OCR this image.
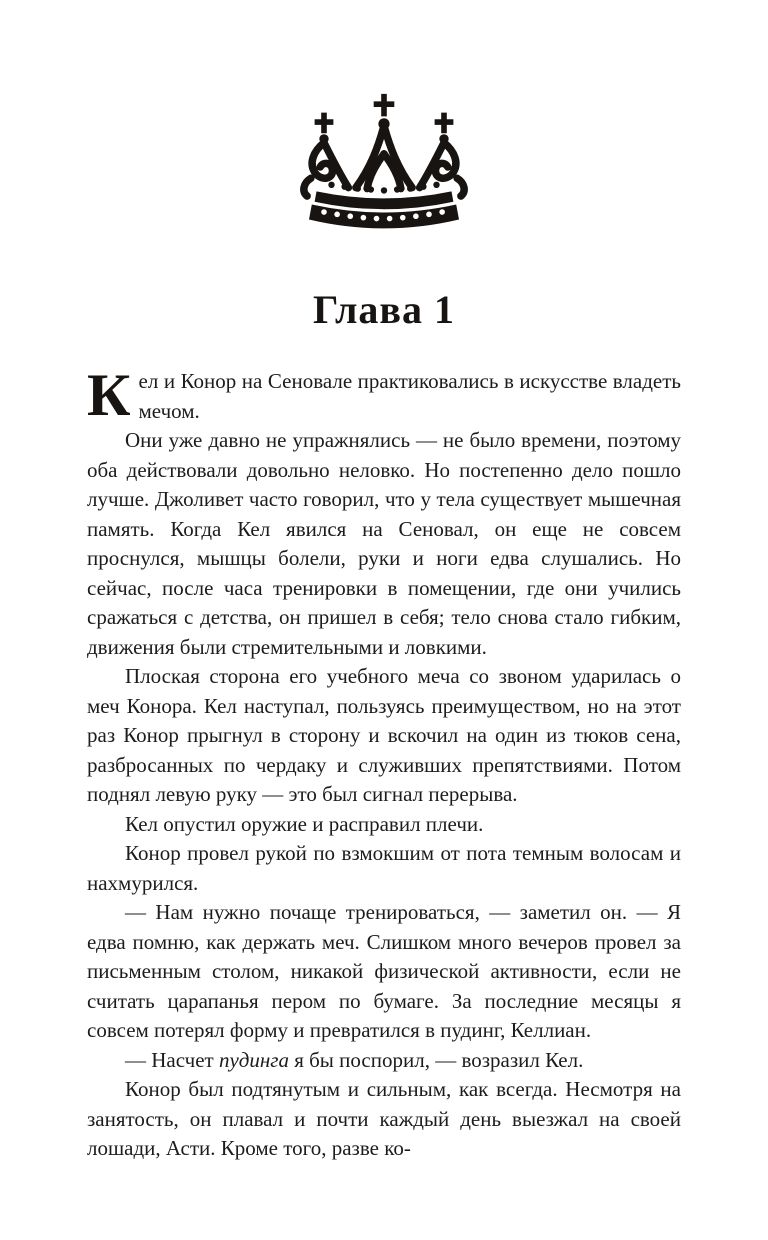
Глава 1

Кел и Конор на Сеновале практиковались в искусстве владеть мечом.

Они уже давно не упражнялись — не было времени, поэтому оба действовали довольно неловко. Но постепенно дело пошло лучше. Джоливет часто говорил, что у тела существует мышечная память. Когда Кел явился на Сеновал, он еще не совсем проснулся, мышцы болели, руки и ноги едва слушались. Но сейчас, после часа тренировки в помещении, где они учились сражаться с детства, он пришел в себя; тело снова стало гибким, движения были стремительными и ловкими.

Плоская сторона его учебного меча со звоном ударилась о меч Конора. Кел наступал, пользуясь преимуществом, но на этот раз Конор прыгнул в сторону и вскочил на один из тюков сена, разбросанных по чердаку и служивших препятствиями. Потом поднял левую руку — это был сигнал перерыва.

Кел опустил оружие и расправил плечи.

Конор провел рукой по взмокшим от пота темным волосам и нахмурился.

— Нам нужно почаще тренироваться, — заметил он. — Я едва помню, как держать меч. Слишком много вечеров провел за письменным столом, никакой физической активности, если не считать царапанья пером по бумаге. За последние месяцы я совсем потерял форму и превратился в пудинг, Келлиан.

— Насчет пудинга я бы поспорил, — возразил Кел.

Конор был подтянутым и сильным, как всегда. Несмотря на занятость, он плавал и почти каждый день выезжал на своей лошади, Асти. Кроме того, разве ко-
